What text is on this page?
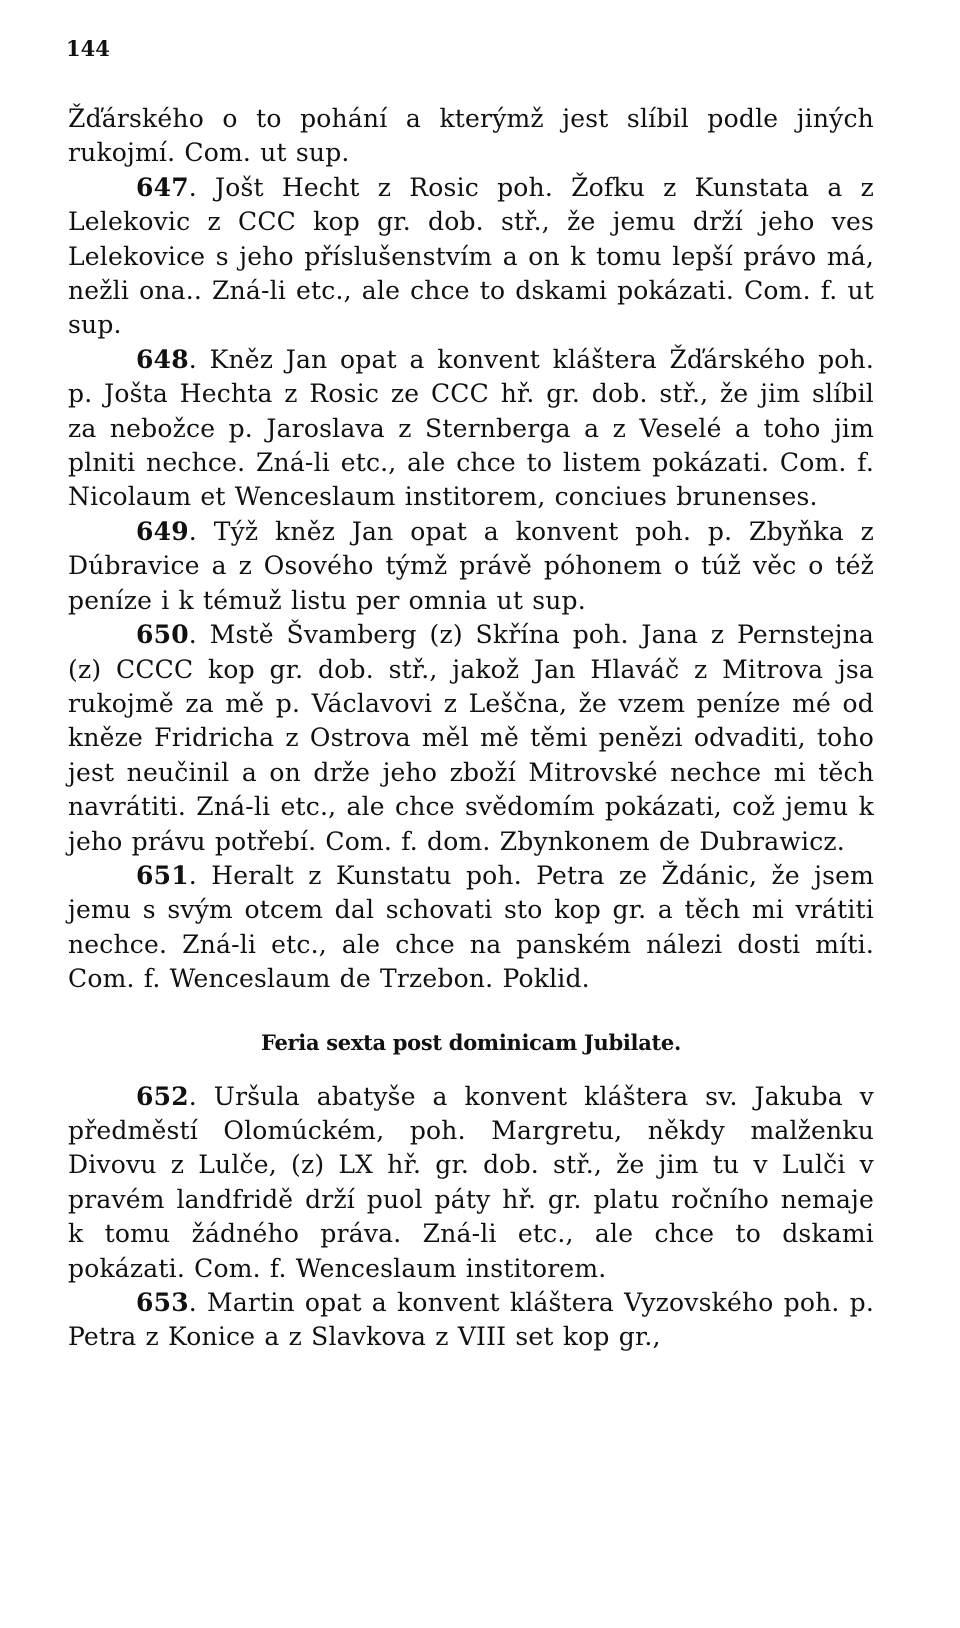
144

Žďárského o to pohání a kterýmž jest slíbil podle jiných rukojmí. Com. ut sup.

647. Jošt Hecht z Rosic poh. Žofku z Kunstata a z Lelekovic z CCC kop gr. dob. stř., že jemu drží jeho ves Lelekovice s jeho příslušenstvím a on k tomu lepší právo má, nežli ona.. Zná-li etc., ale chce to dskami pokázati. Com. f. ut sup.

648. Kněz Jan opat a konvent kláštera Žďárského poh. p. Jošta Hechta z Rosic ze CCC hř. gr. dob. stř., že jim slíbil za nebožce p. Jaroslava z Sternberga a z Veselé a toho jim plniti nechce. Zná-li etc., ale chce to listem pokázati. Com. f. Nicolaum et Wenceslaum institorem, conciues brunenses.

649. Týž kněz Jan opat a konvent poh. p. Zbyňka z Dúbravice a z Osového týmž právě póhonem o túž věc o též peníze i k témuž listu per omnia ut sup.

650. Mstě Švamberg (z) Skřína poh. Jana z Pernstejna (z) CCCC kop gr. dob. stř., jakož Jan Hlaváč z Mitrova jsa rukojmě za mě p. Václavovi z Leščna, že vzem peníze mé od kněze Fridricha z Ostrova měl mě těmi penězi odvaditi, toho jest neučinil a on drže jeho zboží Mitrovské nechce mi těch navrátiti. Zná-li etc., ale chce svědomím pokázati, což jemu k jeho právu potřebí. Com. f. dom. Zbynkonem de Dubrawicz.

651. Heralt z Kunstatu poh. Petra ze Ždánic, že jsem jemu s svým otcem dal schovati sto kop gr. a těch mi vrátiti nechce. Zná-li etc., ale chce na panském nálezi dosti míti. Com. f. Wenceslaum de Trzebon. Poklid.

Feria sexta post dominicam Jubilate.

652. Uršula abatyše a konvent kláštera sv. Jakuba v předměstí Olomúckém, poh. Margretu, někdy malženku Divovu z Lulče, (z) LX hř. gr. dob. stř., že jim tu v Lulči v pravém landfridě drží puol páty hř. gr. platu ročního nemaje k tomu žádného práva. Zná-li etc., ale chce to dskami pokázati. Com. f. Wenceslaum institorem.

653. Martin opat a konvent kláštera Vyzovského poh. p. Petra z Konice a z Slavkova z VIII set kop gr.,
